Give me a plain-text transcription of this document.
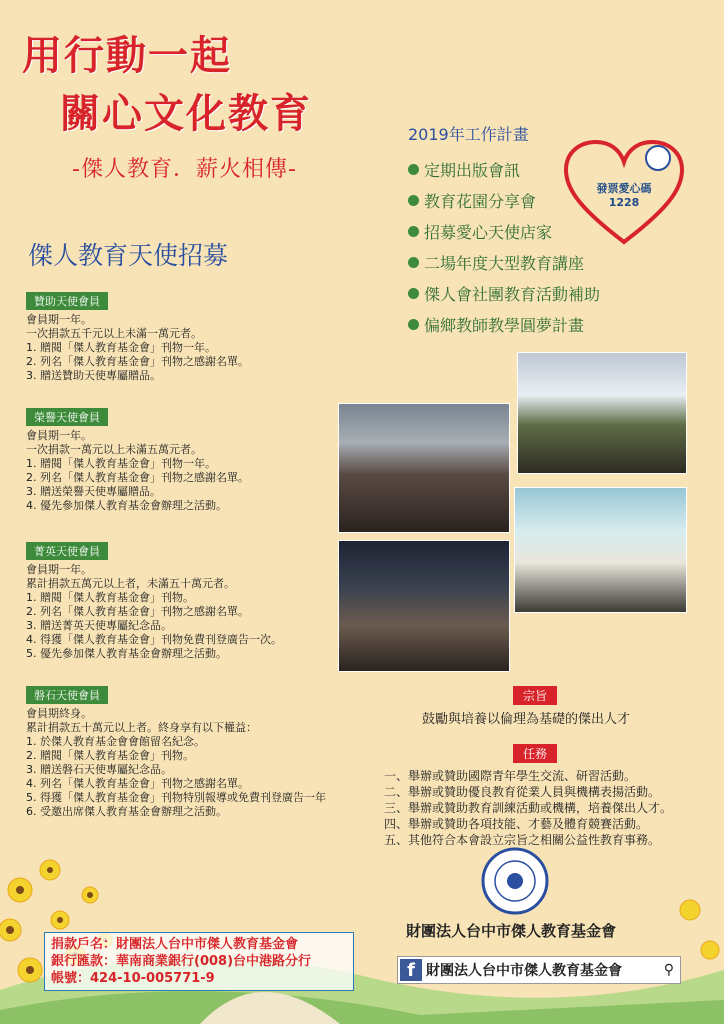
用行動一起
關心文化教育
-傑人教育．薪火相傳-
傑人教育天使招募
贊助天使會員
會員期一年。
一次捐款五千元以上未滿一萬元者。
1. 贈閱「傑人教育基金會」刊物一年。
2. 列名「傑人教育基金會」刊物之感謝名單。
3. 贈送贊助天使專屬贈品。
榮譽天使會員
會員期一年。
一次捐款一萬元以上未滿五萬元者。
1. 贈閱「傑人教育基金會」刊物一年。
2. 列名「傑人教育基金會」刊物之感謝名單。
3. 贈送榮譽天使專屬贈品。
4. 優先參加傑人教育基金會辦理之活動。
菁英天使會員
會員期一年。
累計捐款五萬元以上者，未滿五十萬元者。
1. 贈閱「傑人教育基金會」刊物。
2. 列名「傑人教育基金會」刊物之感謝名單。
3. 贈送菁英天使專屬紀念品。
4. 得獲「傑人教育基金會」刊物免費刊登廣告一次。
5. 優先參加傑人教育基金會辦理之活動。
磐石天使會員
會員期終身。
累計捐款五十萬元以上者。終身享有以下權益：
1. 於傑人教育基金會會館留名紀念。
2. 贈閱「傑人教育基金會」刊物。
3. 贈送磐石天使專屬紀念品。
4. 列名「傑人教育基金會」刊物之感謝名單。
5. 得獲「傑人教育基金會」刊物特別報導或免費刊登廣告一年
6. 受邀出席傑人教育基金會辦理之活動。
2019年工作計畫
定期出版會訊
教育花園分享會
招募愛心天使店家
二場年度大型教育講座
傑人會社團教育活動補助
偏鄉教師教學圓夢計畫
發票愛心碼
1228
宗旨
鼓勵與培養以倫理為基礎的傑出人才
任務
一、舉辦或贊助國際青年學生交流、研習活動。
二、舉辦或贊助優良教育從業人員與機構表揚活動。
三、舉辦或贊助教育訓練活動或機構，培養傑出人才。
四、舉辦或贊助各項技能、才藝及體育競賽活動。
五、其他符合本會設立宗旨之相關公益性教育事務。
財團法人台中市傑人教育基金會
f 財團法人台中市傑人教育基金會	⚲
捐款戶名：財團法人台中市傑人教育基金會
銀行匯款：華南商業銀行(008)台中港路分行
帳號：424-10-005771-9
